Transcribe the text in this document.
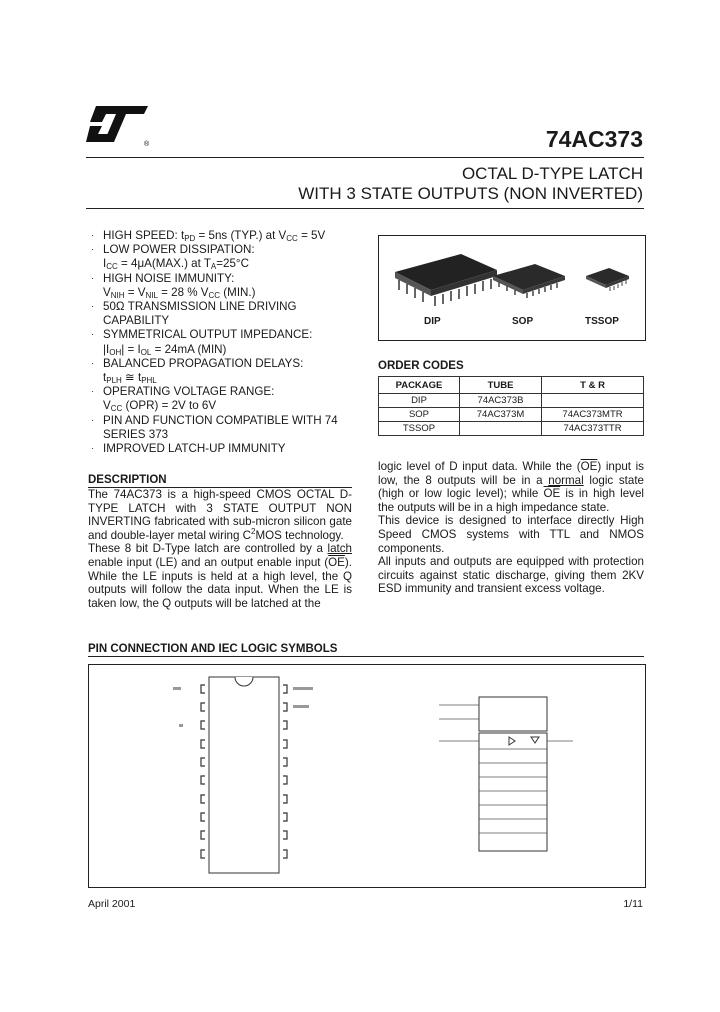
®	74AC373
OCTAL D-TYPE LATCH
WITH 3 STATE OUTPUTS (NON INVERTED)
· HIGH SPEED: $t_{PD} = 5ns$ (TYP.) at $V_{CC} = 5V$
· LOW POWER DISSIPATION:
$I_{CC} = 4\mu A(MAX.)$ at $T_A=25^\circ C$
· HIGH NOISE IMMUNITY:
$V_{NIH} = V_{NIL} = 28$ % $V_{CC}$ (MIN.)
· 50Ω TRANSMISSION LINE DRIVING CAPABILITY
· SYMMETRICAL OUTPUT IMPEDANCE:
$|I_{OH}| = I_{OL} = 24mA$ (MIN)
· BALANCED PROPAGATION DELAYS:
$t_{PLH}$ ≅ $t_{PHL}$
· OPERATING VOLTAGE RANGE:
$V_{CC}$ (OPR) = 2V to 6V
· PIN AND FUNCTION COMPATIBLE WITH 74 SERIES 373
· IMPROVED LATCH-UP IMMUNITY
DIP	SOP	TSSOP
ORDER CODES
PACKAGE	TUBE	T & R
DIP	74AC373B	
SOP	74AC373M	74AC373MTR
TSSOP		74AC373TTR
DESCRIPTION
The 74AC373 is a high-speed CMOS OCTAL D-TYPE LATCH with 3 STATE OUTPUT NON INVERTING fabricated with sub-micron silicon gate and double-layer metal wiring $C^2MOS$ technology.
These 8 bit D-Type latch are controlled by a latch enable input (LE) and an output enable input $(\overline{OE})$. While the LE inputs is held at a high level, the Q outputs will follow the data input. When the LE is taken low, the Q outputs will be latched at the
logic level of D input data. While the $(\overline{OE})$ input is low, the 8 outputs will be in a normal logic state (high or low logic level); while $\overline{OE}$ is in high level the outputs will be in a high impedance state.
This device is designed to interface directly High Speed CMOS systems with TTL and NMOS components.
All inputs and outputs are equipped with protection circuits against static discharge, giving them 2KV ESD immunity and transient excess voltage.
PIN CONNECTION AND IEC LOGIC SYMBOLS
April 2001	1/11
